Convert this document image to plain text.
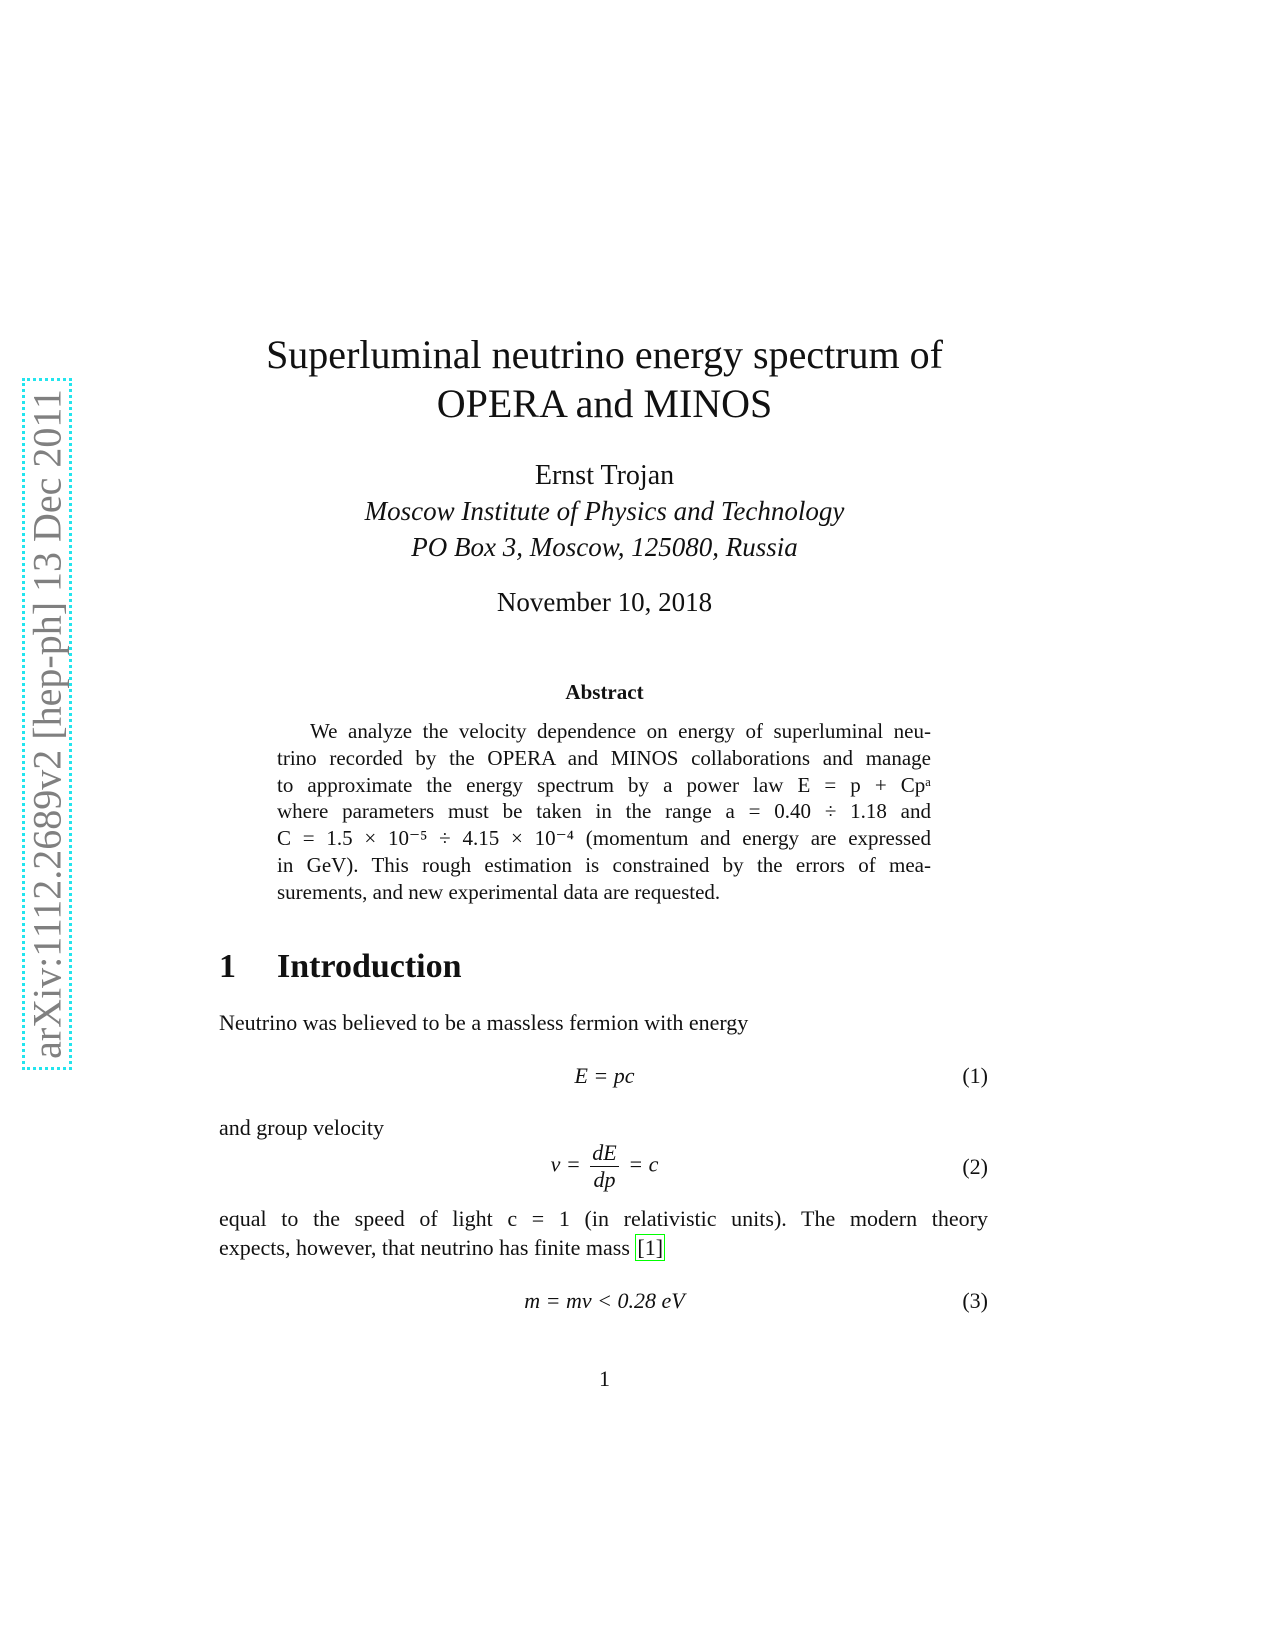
arXiv:1112.2689v2 [hep-ph] 13 Dec 2011
Superluminal neutrino energy spectrum of
OPERA and MINOS
Ernst Trojan
Moscow Institute of Physics and Technology
PO Box 3, Moscow, 125080, Russia
November 10, 2018
Abstract
We analyze the velocity dependence on energy of superluminal neu-
trino recorded by the OPERA and MINOS collaborations and manage
to approximate the energy spectrum by a power law E = p + Cpᵃ
where parameters must be taken in the range a = 0.40 ÷ 1.18 and
C = 1.5 × 10⁻⁵ ÷ 4.15 × 10⁻⁴ (momentum and energy are expressed
in GeV). This rough estimation is constrained by the errors of mea-
surements, and new experimental data are requested.
1 Introduction
Neutrino was believed to be a massless fermion with energy
E = pc	(1)
and group velocity
$v = \frac{dE}{dp} = c$	(2)
equal to the speed of light c = 1 (in relativistic units). The modern theory
expects, however, that neutrino has finite mass [1]
m = mν < 0.28 eV	(3)
1
